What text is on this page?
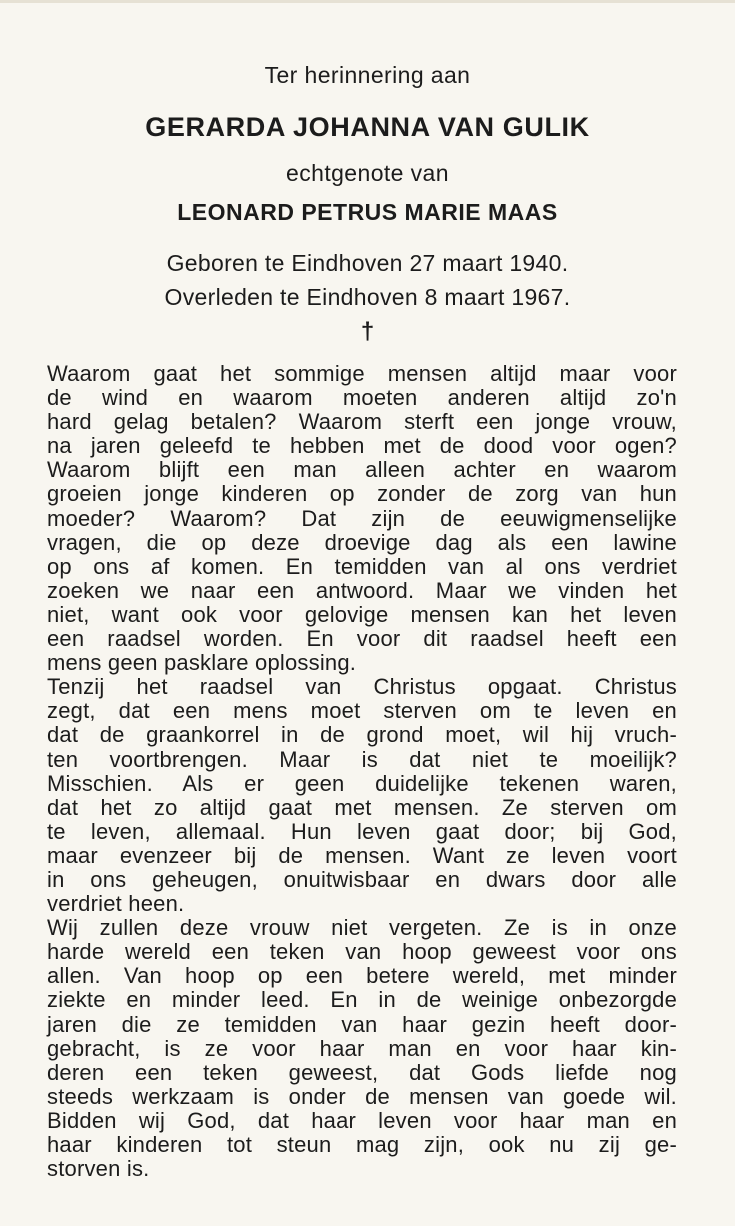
Ter herinnering aan
GERARDA JOHANNA VAN GULIK
echtgenote van
LEONARD PETRUS MARIE MAAS
Geboren te Eindhoven 27 maart 1940.
Overleden te Eindhoven 8 maart 1967.
†
Waarom gaat het sommige mensen altijd maar voor
de wind en waarom moeten anderen altijd zo'n
hard gelag betalen? Waarom sterft een jonge vrouw,
na jaren geleefd te hebben met de dood voor ogen?
Waarom blijft een man alleen achter en waarom
groeien jonge kinderen op zonder de zorg van hun
moeder? Waarom? Dat zijn de eeuwigmenselijke
vragen, die op deze droevige dag als een lawine
op ons af komen. En temidden van al ons verdriet
zoeken we naar een antwoord. Maar we vinden het
niet, want ook voor gelovige mensen kan het leven
een raadsel worden. En voor dit raadsel heeft een
mens geen pasklare oplossing.
Tenzij het raadsel van Christus opgaat. Christus
zegt, dat een mens moet sterven om te leven en
dat de graankorrel in de grond moet, wil hij vruch-
ten voortbrengen. Maar is dat niet te moeilijk?
Misschien. Als er geen duidelijke tekenen waren,
dat het zo altijd gaat met mensen. Ze sterven om
te leven, allemaal. Hun leven gaat door; bij God,
maar evenzeer bij de mensen. Want ze leven voort
in ons geheugen, onuitwisbaar en dwars door alle
verdriet heen.
Wij zullen deze vrouw niet vergeten. Ze is in onze
harde wereld een teken van hoop geweest voor ons
allen. Van hoop op een betere wereld, met minder
ziekte en minder leed. En in de weinige onbezorgde
jaren die ze temidden van haar gezin heeft door-
gebracht, is ze voor haar man en voor haar kin-
deren een teken geweest, dat Gods liefde nog
steeds werkzaam is onder de mensen van goede wil.
Bidden wij God, dat haar leven voor haar man en
haar kinderen tot steun mag zijn, ook nu zij ge-
storven is.
